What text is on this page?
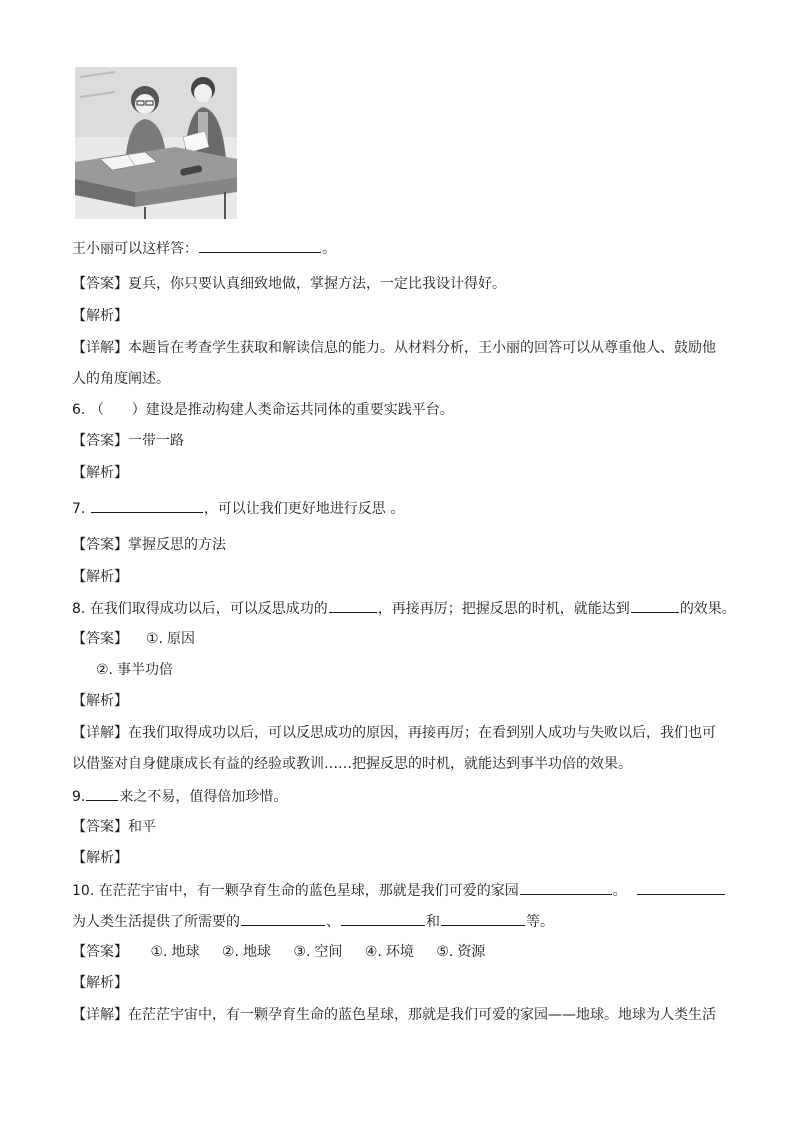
王小丽可以这样答：	。
【答案】夏兵，你只要认真细致地做，掌握方法，一定比我设计得好。
【解析】
【详解】本题旨在考查学生获取和解读信息的能力。从材料分析，王小丽的回答可以从尊重他人、鼓励他
人的角度阐述。
6. （　　）建设是推动构建人类命运共同体的重要实践平台。
【答案】一带一路
【解析】
7.	，可以让我们更好地进行反思 。
【答案】掌握反思的方法
【解析】
8. 在我们取得成功以后，可以反思成功的	，再接再厉；把握反思的时机，就能达到	的效果。
【答案】 ①. 原因
②. 事半功倍
【解析】
【详解】在我们取得成功以后，可以反思成功的原因，再接再厉；在看到别人成功与失败以后，我们也可
以借鉴对自身健康成长有益的经验或教训……把握反思的时机，就能达到事半功倍的效果。
9. 来之不易，值得倍加珍惜。
【答案】和平
【解析】
10. 在茫茫宇宙中，有一颗孕育生命的蓝色星球，那就是我们可爱的家园	。
为人类生活提供了所需要的	、	和	等。
【答案】 ①. 地球 ②. 地球 ③. 空间 ④. 环境 ⑤. 资源
【解析】
【详解】在茫茫宇宙中，有一颗孕育生命的蓝色星球，那就是我们可爱的家园——地球。地球为人类生活
